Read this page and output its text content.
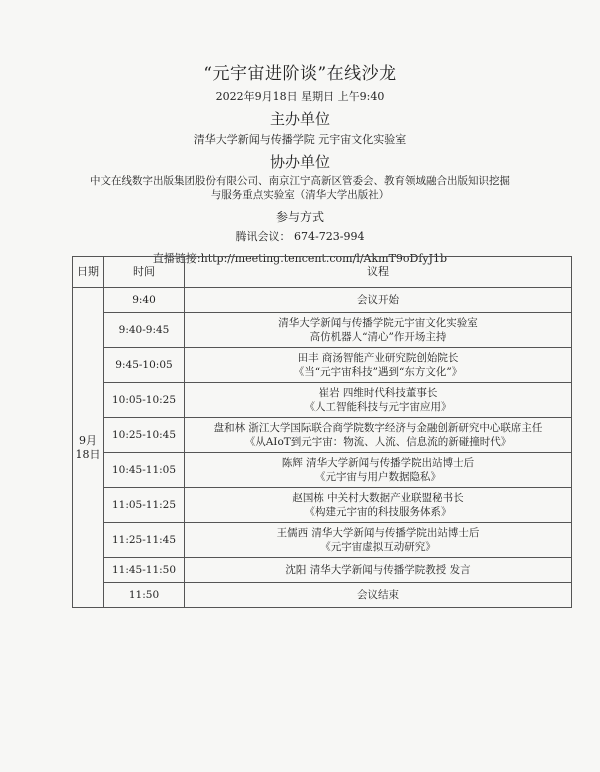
“元宇宙进阶谈”在线沙龙
2022年9月18日 星期日 上午9:40
主办单位
清华大学新闻与传播学院 元宇宙文化实验室
协办单位
中文在线数字出版集团股份有限公司、南京江宁高新区管委会、教育领域融合出版知识挖掘
与服务重点实验室（清华大学出版社）
参与方式
腾讯会议： 674-723-994
直播链接:http://meeting.tencent.com/l/AkmT9oDfyJ1b
日期	时间	议程
9月18日	9:40	会议开始
	9:40-9:45	清华大学新闻与传播学院元宇宙文化实验室
高仿机器人“清心”作开场主持

	9:45-10:05	田丰 商汤智能产业研究院创始院长
《当“元宇宙科技”遇到“东方文化”》

	10:05-10:25	崔岩 四维时代科技董事长
《人工智能科技与元宇宙应用》

	10:25-10:45	盘和林 浙江大学国际联合商学院数字经济与金融创新研究中心联席主任
《从AIoT到元宇宙：物流、人流、信息流的新碰撞时代》

	10:45-11:05	陈辉 清华大学新闻与传播学院出站博士后
《元宇宙与用户数据隐私》

	11:05-11:25	赵国栋 中关村大数据产业联盟秘书长
《构建元宇宙的科技服务体系》

	11:25-11:45	王儒西 清华大学新闻与传播学院出站博士后
《元宇宙虚拟互动研究》

	11:45-11:50	沈阳 清华大学新闻与传播学院教授 发言
	11:50	会议结束
